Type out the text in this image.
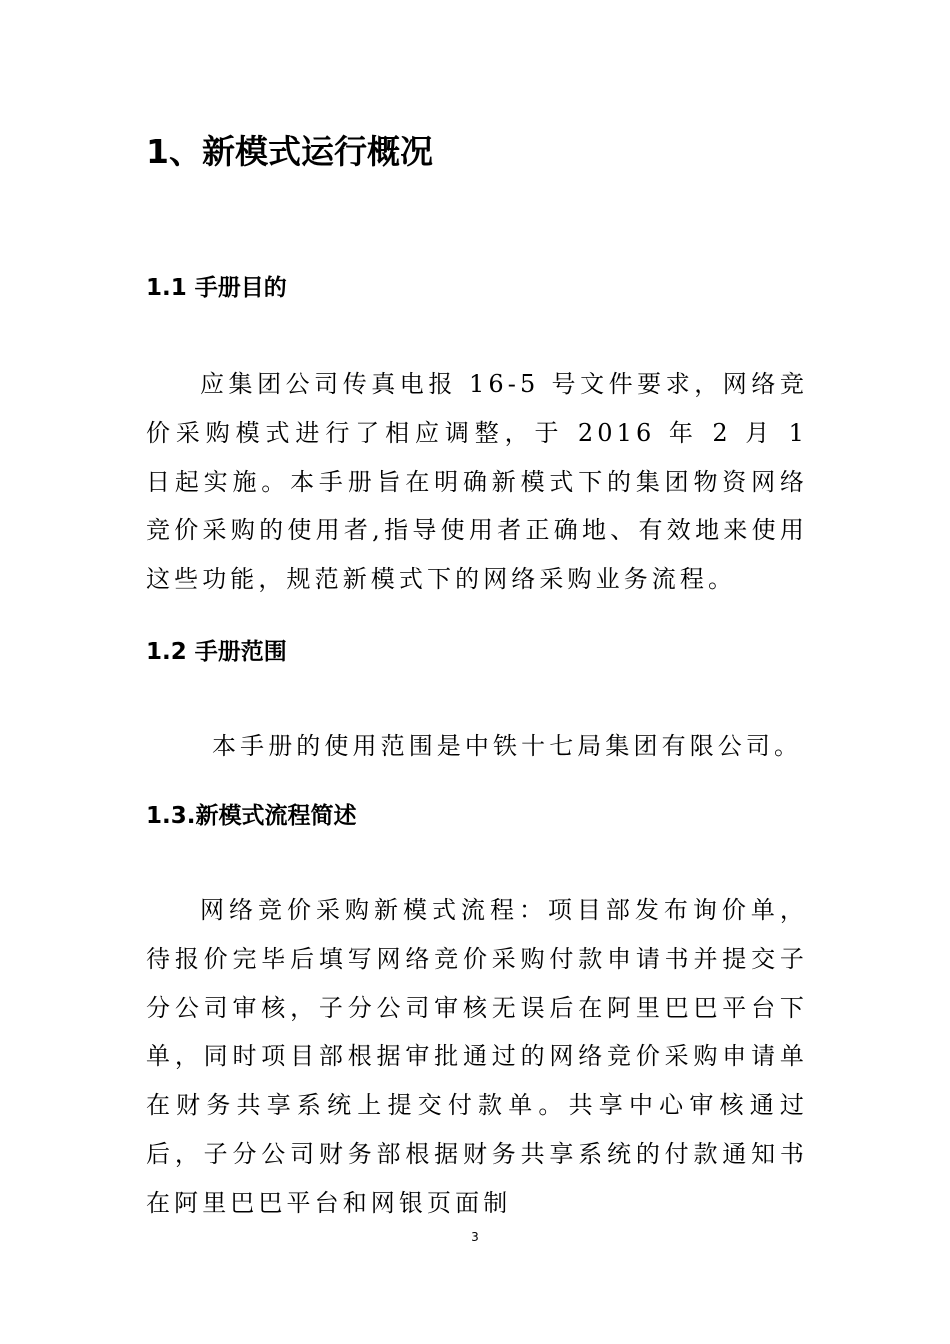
1、新模式运行概况
1.1 手册目的

应集团公司传真电报 16-5 号文件要求，网络竞价采购模式进行了相应调整，于 2016 年 2 月 1 日起实施。本手册旨在明确新模式下的集团物资网络竞价采购的使用者,指导使用者正确地、有效地来使用这些功能，规范新模式下的网络采购业务流程。

1.2 手册范围
本手册的使用范围是中铁十七局集团有限公司。
1.3.新模式流程简述

网络竞价采购新模式流程：项目部发布询价单，待报价完毕后填写网络竞价采购付款申请书并提交子分公司审核，子分公司审核无误后在阿里巴巴平台下单，同时项目部根据审批通过的网络竞价采购申请单在财务共享系统上提交付款单。共享中心审核通过后，子分公司财务部根据财务共享系统的付款通知书在阿里巴巴平台和网银页面制

3
